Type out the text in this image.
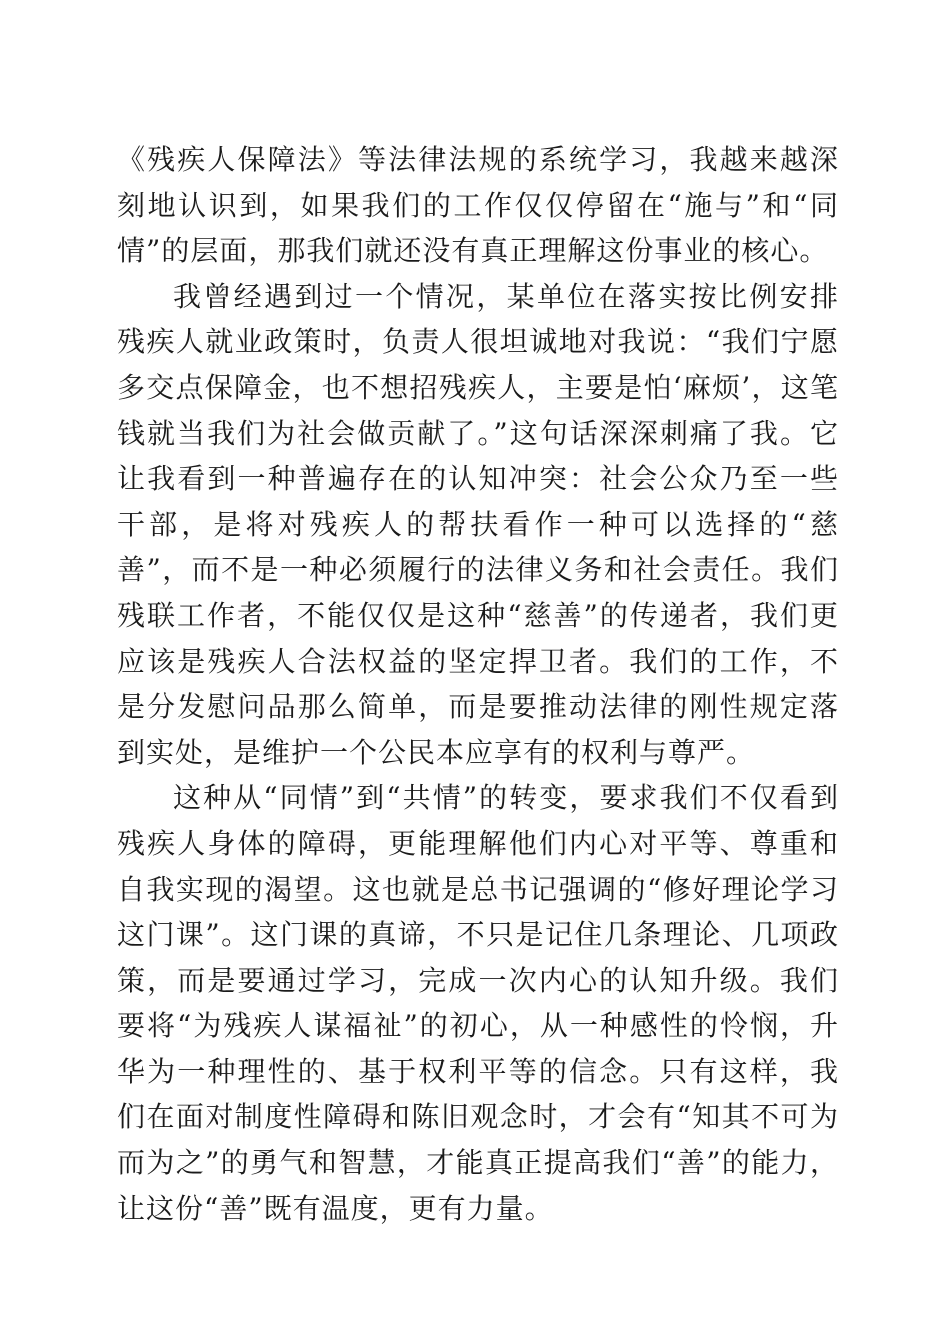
《残疾人保障法》等法律法规的系统学习，我越来越深刻地认识到，如果我们的工作仅仅停留在“施与”和“同情”的层面，那我们就还没有真正理解这份事业的核心。

我曾经遇到过一个情况，某单位在落实按比例安排残疾人就业政策时，负责人很坦诚地对我说：“我们宁愿多交点保障金，也不想招残疾人，主要是怕‘麻烦’，这笔钱就当我们为社会做贡献了。”这句话深深刺痛了我。它让我看到一种普遍存在的认知冲突：社会公众乃至一些干部，是将对残疾人的帮扶看作一种可以选择的“慈善”，而不是一种必须履行的法律义务和社会责任。我们残联工作者，不能仅仅是这种“慈善”的传递者，我们更应该是残疾人合法权益的坚定捍卫者。我们的工作，不是分发慰问品那么简单，而是要推动法律的刚性规定落到实处，是维护一个公民本应享有的权利与尊严。

这种从“同情”到“共情”的转变，要求我们不仅看到残疾人身体的障碍，更能理解他们内心对平等、尊重和自我实现的渴望。这也就是总书记强调的“修好理论学习这门课”。这门课的真谛，不只是记住几条理论、几项政策，而是要通过学习，完成一次内心的认知升级。我们要将“为残疾人谋福祉”的初心，从一种感性的怜悯，升华为一种理性的、基于权利平等的信念。只有这样，我们在面对制度性障碍和陈旧观念时，才会有“知其不可为而为之”的勇气和智慧，才能真正提高我们“善”的能力，让这份“善”既有温度，更有力量。
